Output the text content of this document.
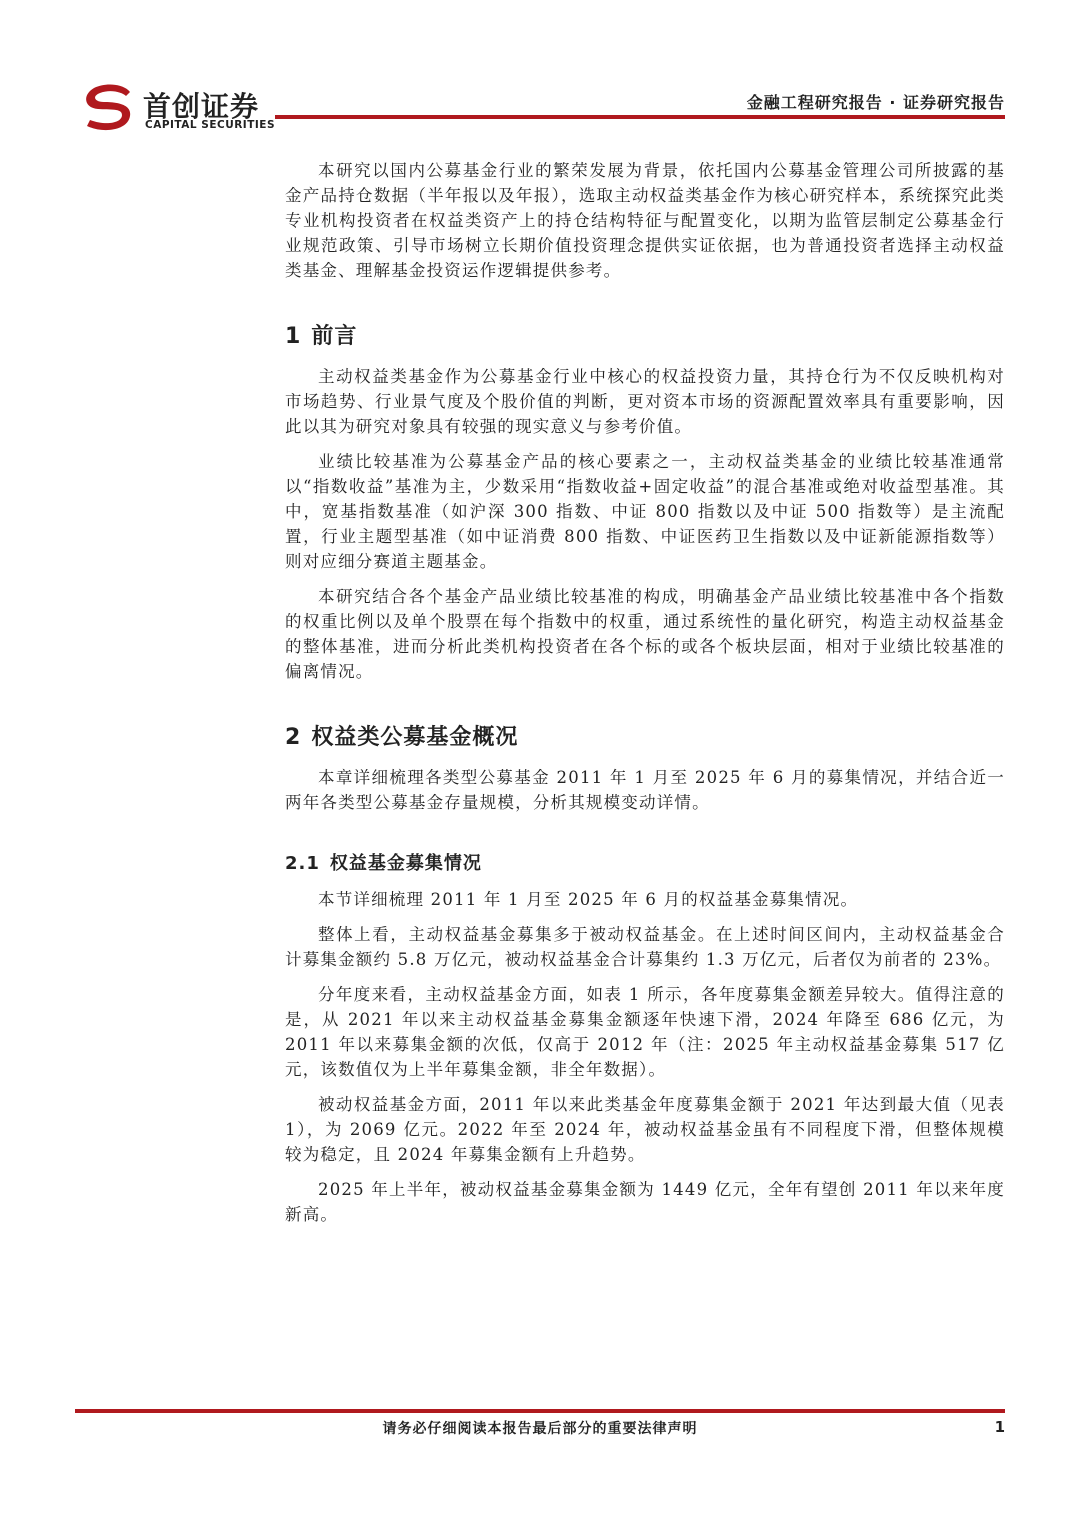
首创证券
CAPITAL SECURITIES
金融工程研究报告 · 证券研究报告

本研究以国内公募基金行业的繁荣发展为背景，依托国内公募基金管理公司所披露的基金产品持仓数据（半年报以及年报），选取主动权益类基金作为核心研究样本，系统探究此类专业机构投资者在权益类资产上的持仓结构特征与配置变化，以期为监管层制定公募基金行业规范政策、引导市场树立长期价值投资理念提供实证依据，也为普通投资者选择主动权益类基金、理解基金投资运作逻辑提供参考。

1 前言

主动权益类基金作为公募基金行业中核心的权益投资力量，其持仓行为不仅反映机构对市场趋势、行业景气度及个股价值的判断，更对资本市场的资源配置效率具有重要影响，因此以其为研究对象具有较强的现实意义与参考价值。

业绩比较基准为公募基金产品的核心要素之一，主动权益类基金的业绩比较基准通常以“指数收益”基准为主，少数采用“指数收益+固定收益”的混合基准或绝对收益型基准。其中，宽基指数基准（如沪深 300 指数、中证 800 指数以及中证 500 指数等）是主流配置，行业主题型基准（如中证消费 800 指数、中证医药卫生指数以及中证新能源指数等）则对应细分赛道主题基金。

本研究结合各个基金产品业绩比较基准的构成，明确基金产品业绩比较基准中各个指数的权重比例以及单个股票在每个指数中的权重，通过系统性的量化研究，构造主动权益基金的整体基准，进而分析此类机构投资者在各个标的或各个板块层面，相对于业绩比较基准的偏离情况。

2 权益类公募基金概况

本章详细梳理各类型公募基金 2011 年 1 月至 2025 年 6 月的募集情况，并结合近一两年各类型公募基金存量规模，分析其规模变动详情。

2.1 权益基金募集情况

本节详细梳理 2011 年 1 月至 2025 年 6 月的权益基金募集情况。

整体上看，主动权益基金募集多于被动权益基金。在上述时间区间内，主动权益基金合计募集金额约 5.8 万亿元，被动权益基金合计募集约 1.3 万亿元，后者仅为前者的 23%。

分年度来看，主动权益基金方面，如表 1 所示，各年度募集金额差异较大。值得注意的是，从 2021 年以来主动权益基金募集金额逐年快速下滑，2024 年降至 686 亿元，为 2011 年以来募集金额的次低，仅高于 2012 年（注：2025 年主动权益基金募集 517 亿元，该数值仅为上半年募集金额，非全年数据）。

被动权益基金方面，2011 年以来此类基金年度募集金额于 2021 年达到最大值（见表 1），为 2069 亿元。2022 年至 2024 年，被动权益基金虽有不同程度下滑，但整体规模较为稳定，且 2024 年募集金额有上升趋势。

2025 年上半年，被动权益基金募集金额为 1449 亿元，全年有望创 2011 年以来年度新高。

请务必仔细阅读本报告最后部分的重要法律声明	1
